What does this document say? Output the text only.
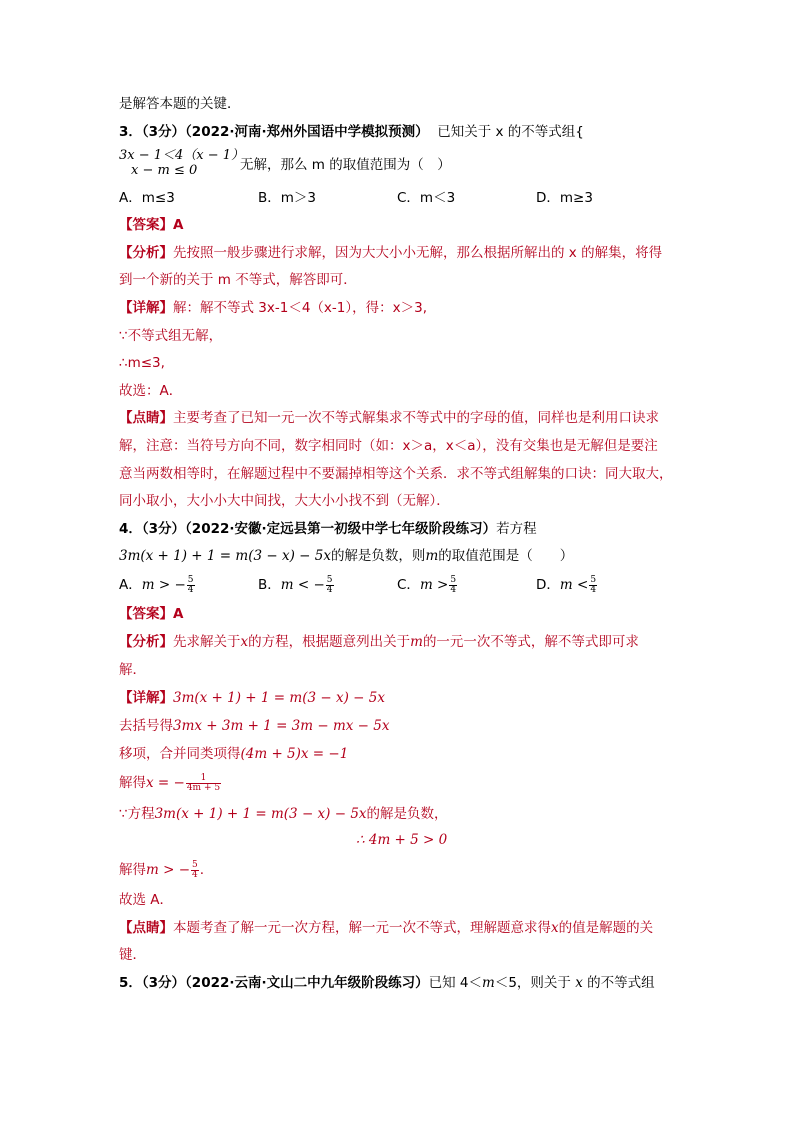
是解答本题的关键．
3．（3分）（2022·河南·郑州外国语中学模拟预测） 已知关于 x 的不等式组{
3x − 1＜4（x − 1）
x − m ≤ 0	无解，那么 m 的取值范围为（　）
A．m≤3	B．m＞3	C．m＜3	D．m≥3
【答案】A
【分析】先按照一般步骤进行求解，因为大大小小无解，那么根据所解出的 x 的解集，将得
到一个新的关于 m 不等式，解答即可．
【详解】解：解不等式 3x-1＜4（x-1），得：x＞3,
∵不等式组无解，
∴m≤3,
故选：A．
【点睛】主要考查了已知一元一次不等式解集求不等式中的字母的值，同样也是利用口诀求
解，注意：当符号方向不同，数字相同时（如：x＞a，x＜a），没有交集也是无解但是要注
意当两数相等时，在解题过程中不要漏掉相等这个关系．求不等式组解集的口诀：同大取大，
同小取小，大小小大中间找，大大小小找不到（无解）．
4．（3分）（2022·安徽·定远县第一初级中学七年级阶段练习）若方程
3m(x + 1) + 1 = m(3 − x) − 5x的解是负数，则m的取值范围是（　　）
A．m > − $\frac{5}{4}$	B．m < − $\frac{5}{4}$	C．$m > \frac{5}{4}$	D．$m < \frac{5}{4}$
【答案】A
【分析】先求解关于x的方程，根据题意列出关于m的一元一次不等式，解不等式即可求
解．
【详解】3m(x + 1) + 1 = m(3 − x) − 5x
去括号得3mx + 3m + 1 = 3m − mx − 5x
移项，合并同类项得(4m + 5)x = −1
解得x = − $\frac{1}{4m + 5}$
∵方程3m(x + 1) + 1 = m(3 − x) − 5x的解是负数，
∴ 4m + 5 > 0
解得m > − $\frac{5}{4}$ .
故选 A．
【点睛】本题考查了解一元一次方程，解一元一次不等式，理解题意求得x的值是解题的关
键．
5．（3分）（2022·云南·文山二中九年级阶段练习）已知 4＜m＜5，则关于 x 的不等式组
